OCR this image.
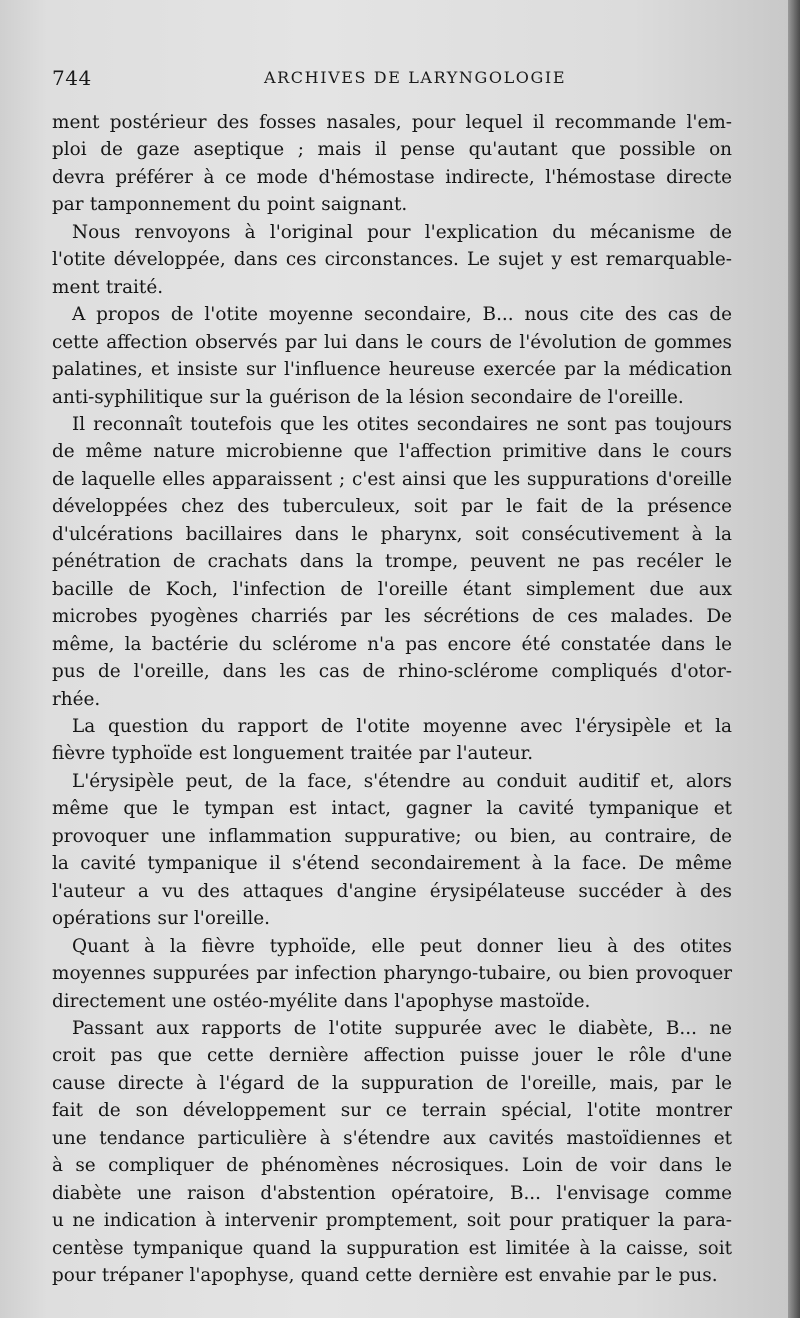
744	ARCHIVES DE LARYNGOLOGIE
ment postérieur des fosses nasales, pour lequel il recommande l'em-
ploi de gaze aseptique ; mais il pense qu'autant que possible on
devra préférer à ce mode d'hémostase indirecte, l'hémostase directe
par tamponnement du point saignant.
Nous renvoyons à l'original pour l'explication du mécanisme de
l'otite développée, dans ces circonstances. Le sujet y est remarquable-
ment traité.
A propos de l'otite moyenne secondaire, B... nous cite des cas de
cette affection observés par lui dans le cours de l'évolution de gommes
palatines, et insiste sur l'influence heureuse exercée par la médication
anti-syphilitique sur la guérison de la lésion secondaire de l'oreille.
Il reconnaît toutefois que les otites secondaires ne sont pas toujours
de même nature microbienne que l'affection primitive dans le cours
de laquelle elles apparaissent ; c'est ainsi que les suppurations d'oreille
développées chez des tuberculeux, soit par le fait de la présence
d'ulcérations bacillaires dans le pharynx, soit consécutivement à la
pénétration de crachats dans la trompe, peuvent ne pas recéler le
bacille de Koch, l'infection de l'oreille étant simplement due aux
microbes pyogènes charriés par les sécrétions de ces malades. De
même, la bactérie du sclérome n'a pas encore été constatée dans le
pus de l'oreille, dans les cas de rhino-sclérome compliqués d'otor-
rhée.
La question du rapport de l'otite moyenne avec l'érysipèle et la
fièvre typhoïde est longuement traitée par l'auteur.
L'érysipèle peut, de la face, s'étendre au conduit auditif et, alors
même que le tympan est intact, gagner la cavité tympanique et
provoquer une inflammation suppurative; ou bien, au contraire, de
la cavité tympanique il s'étend secondairement à la face. De même
l'auteur a vu des attaques d'angine érysipélateuse succéder à des
opérations sur l'oreille.
Quant à la fièvre typhoïde, elle peut donner lieu à des otites
moyennes suppurées par infection pharyngo-tubaire, ou bien provoquer
directement une ostéo-myélite dans l'apophyse mastoïde.
Passant aux rapports de l'otite suppurée avec le diabète, B... ne
croit pas que cette dernière affection puisse jouer le rôle d'une
cause directe à l'égard de la suppuration de l'oreille, mais, par le
fait de son développement sur ce terrain spécial, l'otite montrer
une tendance particulière à s'étendre aux cavités mastoïdiennes et
à se compliquer de phénomènes nécrosiques. Loin de voir dans le
diabète une raison d'abstention opératoire, B... l'envisage comme
u ne indication à intervenir promptement, soit pour pratiquer la para-
centèse tympanique quand la suppuration est limitée à la caisse, soit
pour trépaner l'apophyse, quand cette dernière est envahie par le pus.
